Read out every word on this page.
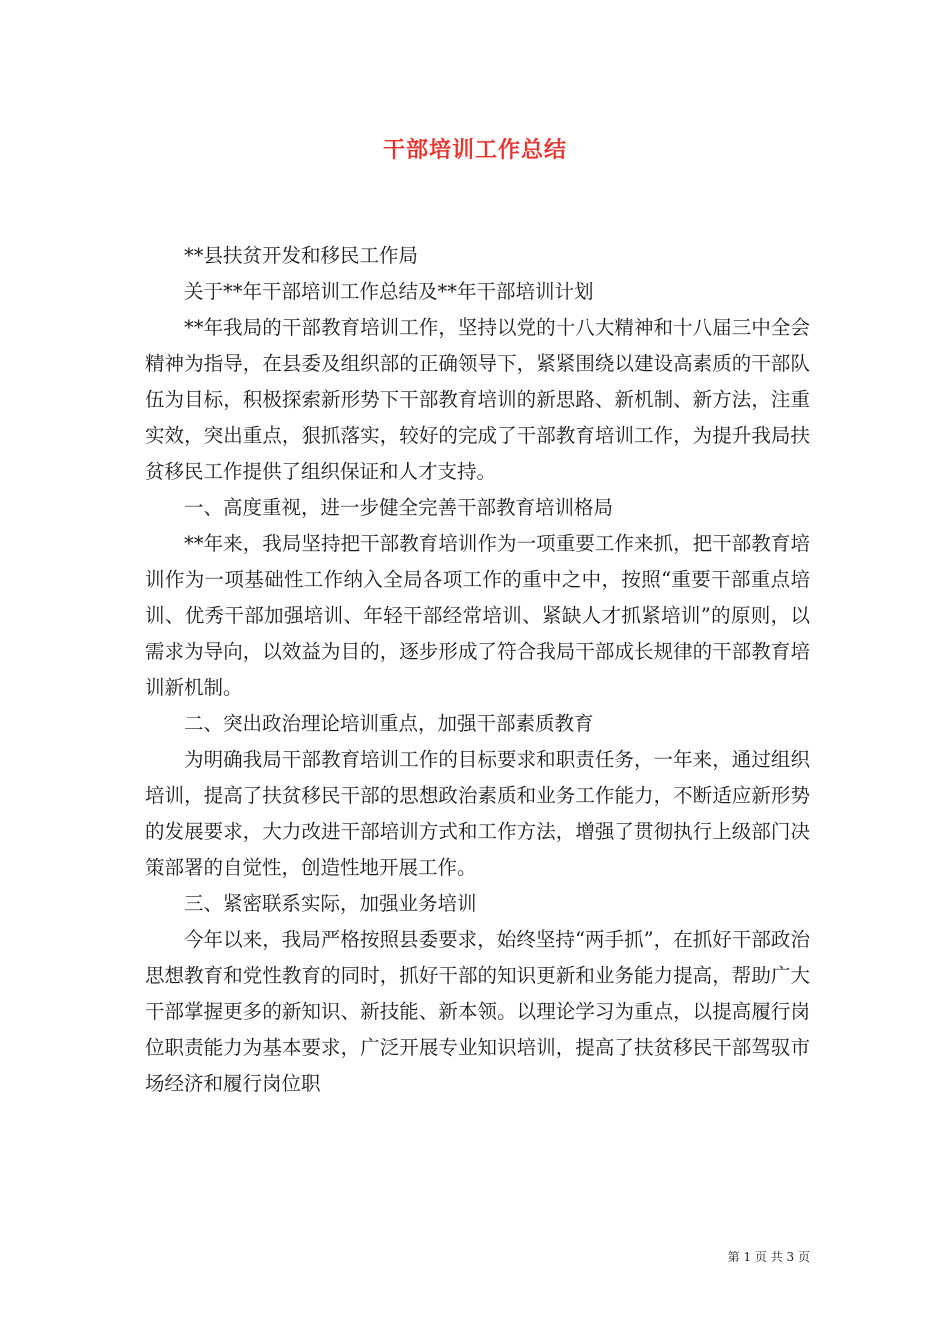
干部培训工作总结

**县扶贫开发和移民工作局

关于**年干部培训工作总结及**年干部培训计划

**年我局的干部教育培训工作，坚持以党的十八大精神和十八届三中全会精神为指导，在县委及组织部的正确领导下，紧紧围绕以建设高素质的干部队伍为目标，积极探索新形势下干部教育培训的新思路、新机制、新方法，注重实效，突出重点，狠抓落实，较好的完成了干部教育培训工作，为提升我局扶贫移民工作提供了组织保证和人才支持。

一、高度重视，进一步健全完善干部教育培训格局

**年来，我局坚持把干部教育培训作为一项重要工作来抓，把干部教育培训作为一项基础性工作纳入全局各项工作的重中之中，按照“重要干部重点培训、优秀干部加强培训、年轻干部经常培训、紧缺人才抓紧培训”的原则，以需求为导向，以效益为目的，逐步形成了符合我局干部成长规律的干部教育培训新机制。

二、突出政治理论培训重点，加强干部素质教育

为明确我局干部教育培训工作的目标要求和职责任务，一年来，通过组织培训，提高了扶贫移民干部的思想政治素质和业务工作能力，不断适应新形势的发展要求，大力改进干部培训方式和工作方法，增强了贯彻执行上级部门决策部署的自觉性，创造性地开展工作。

三、紧密联系实际，加强业务培训

今年以来，我局严格按照县委要求，始终坚持“两手抓”，在抓好干部政治思想教育和党性教育的同时，抓好干部的知识更新和业务能力提高，帮助广大干部掌握更多的新知识、新技能、新本领。以理论学习为重点，以提高履行岗位职责能力为基本要求，广泛开展专业知识培训，提高了扶贫移民干部驾驭市场经济和履行岗位职

第 1 页 共 3 页
